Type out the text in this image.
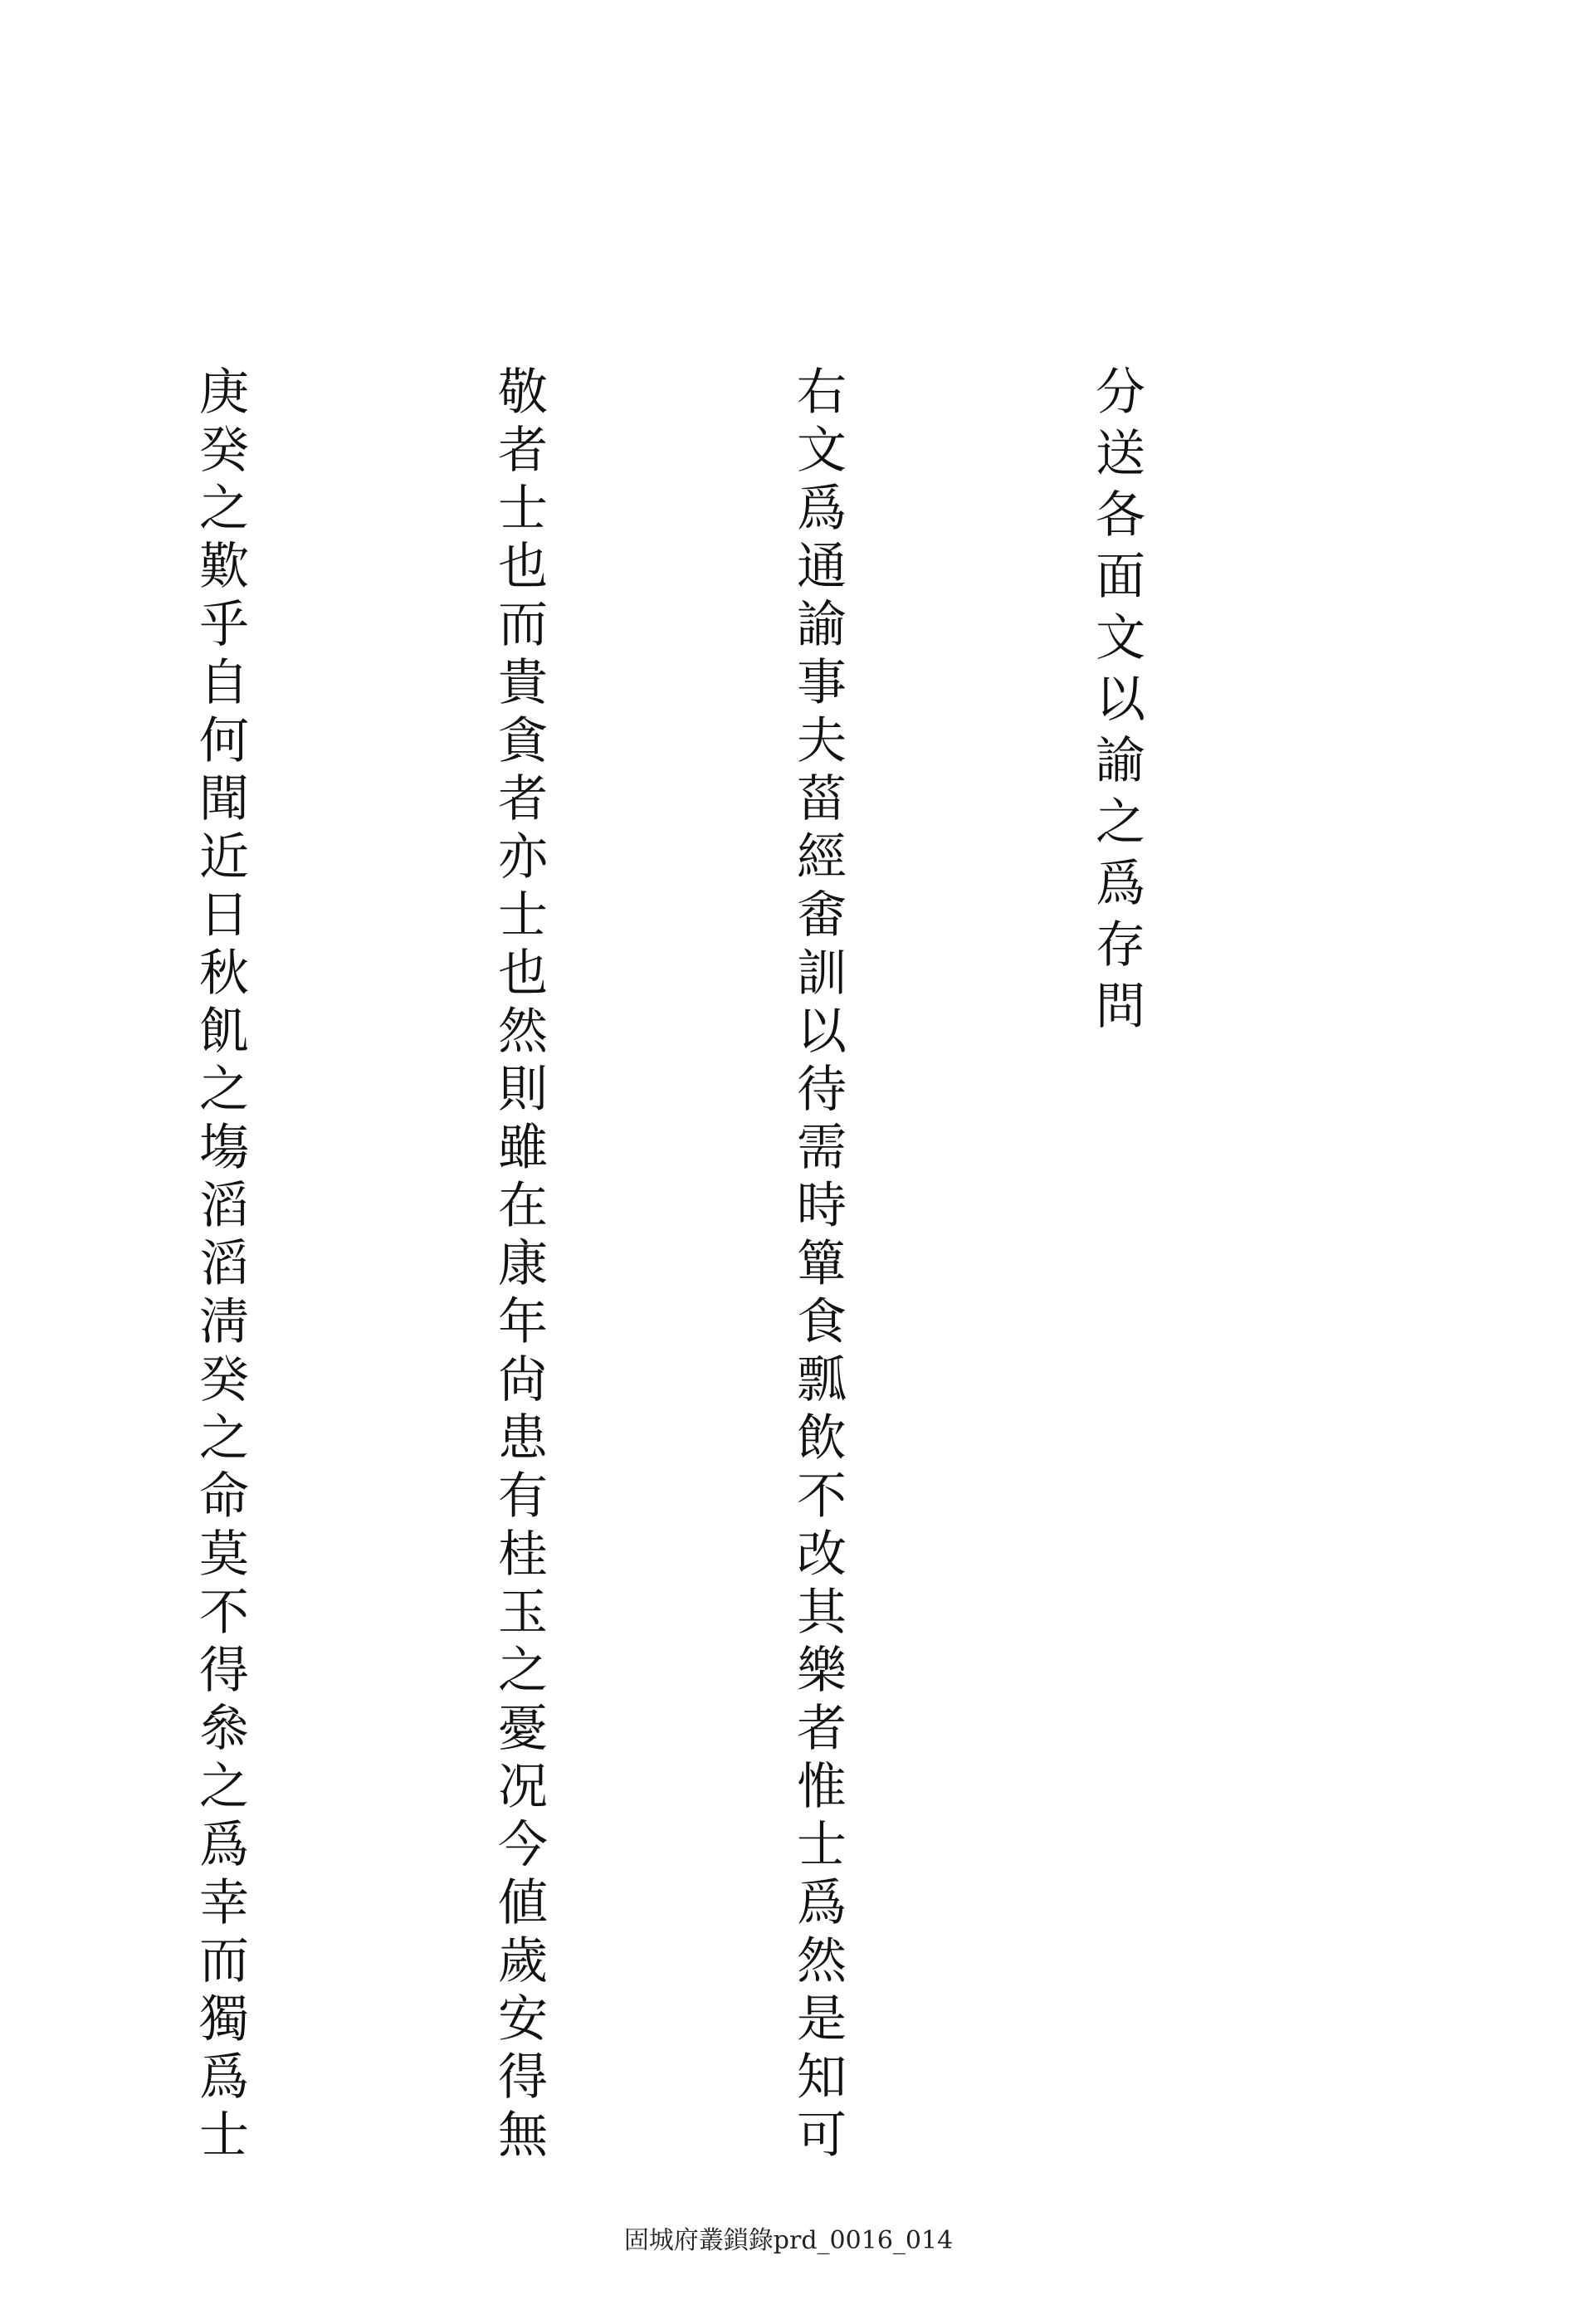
分送各面文以諭之爲存問

右文爲通諭事夫菑經畬訓以待需時簞食瓢飲不改其樂者惟士爲然是知可

敬者士也而貴貪者亦士也然則雖在康年尙患有桂玉之憂况今値歲安得無

庚癸之歎乎自何聞近日秋飢之塲滔滔淸癸之命莫不得叅之爲幸而獨爲士

固城府叢鎖錄prd_0016_014
